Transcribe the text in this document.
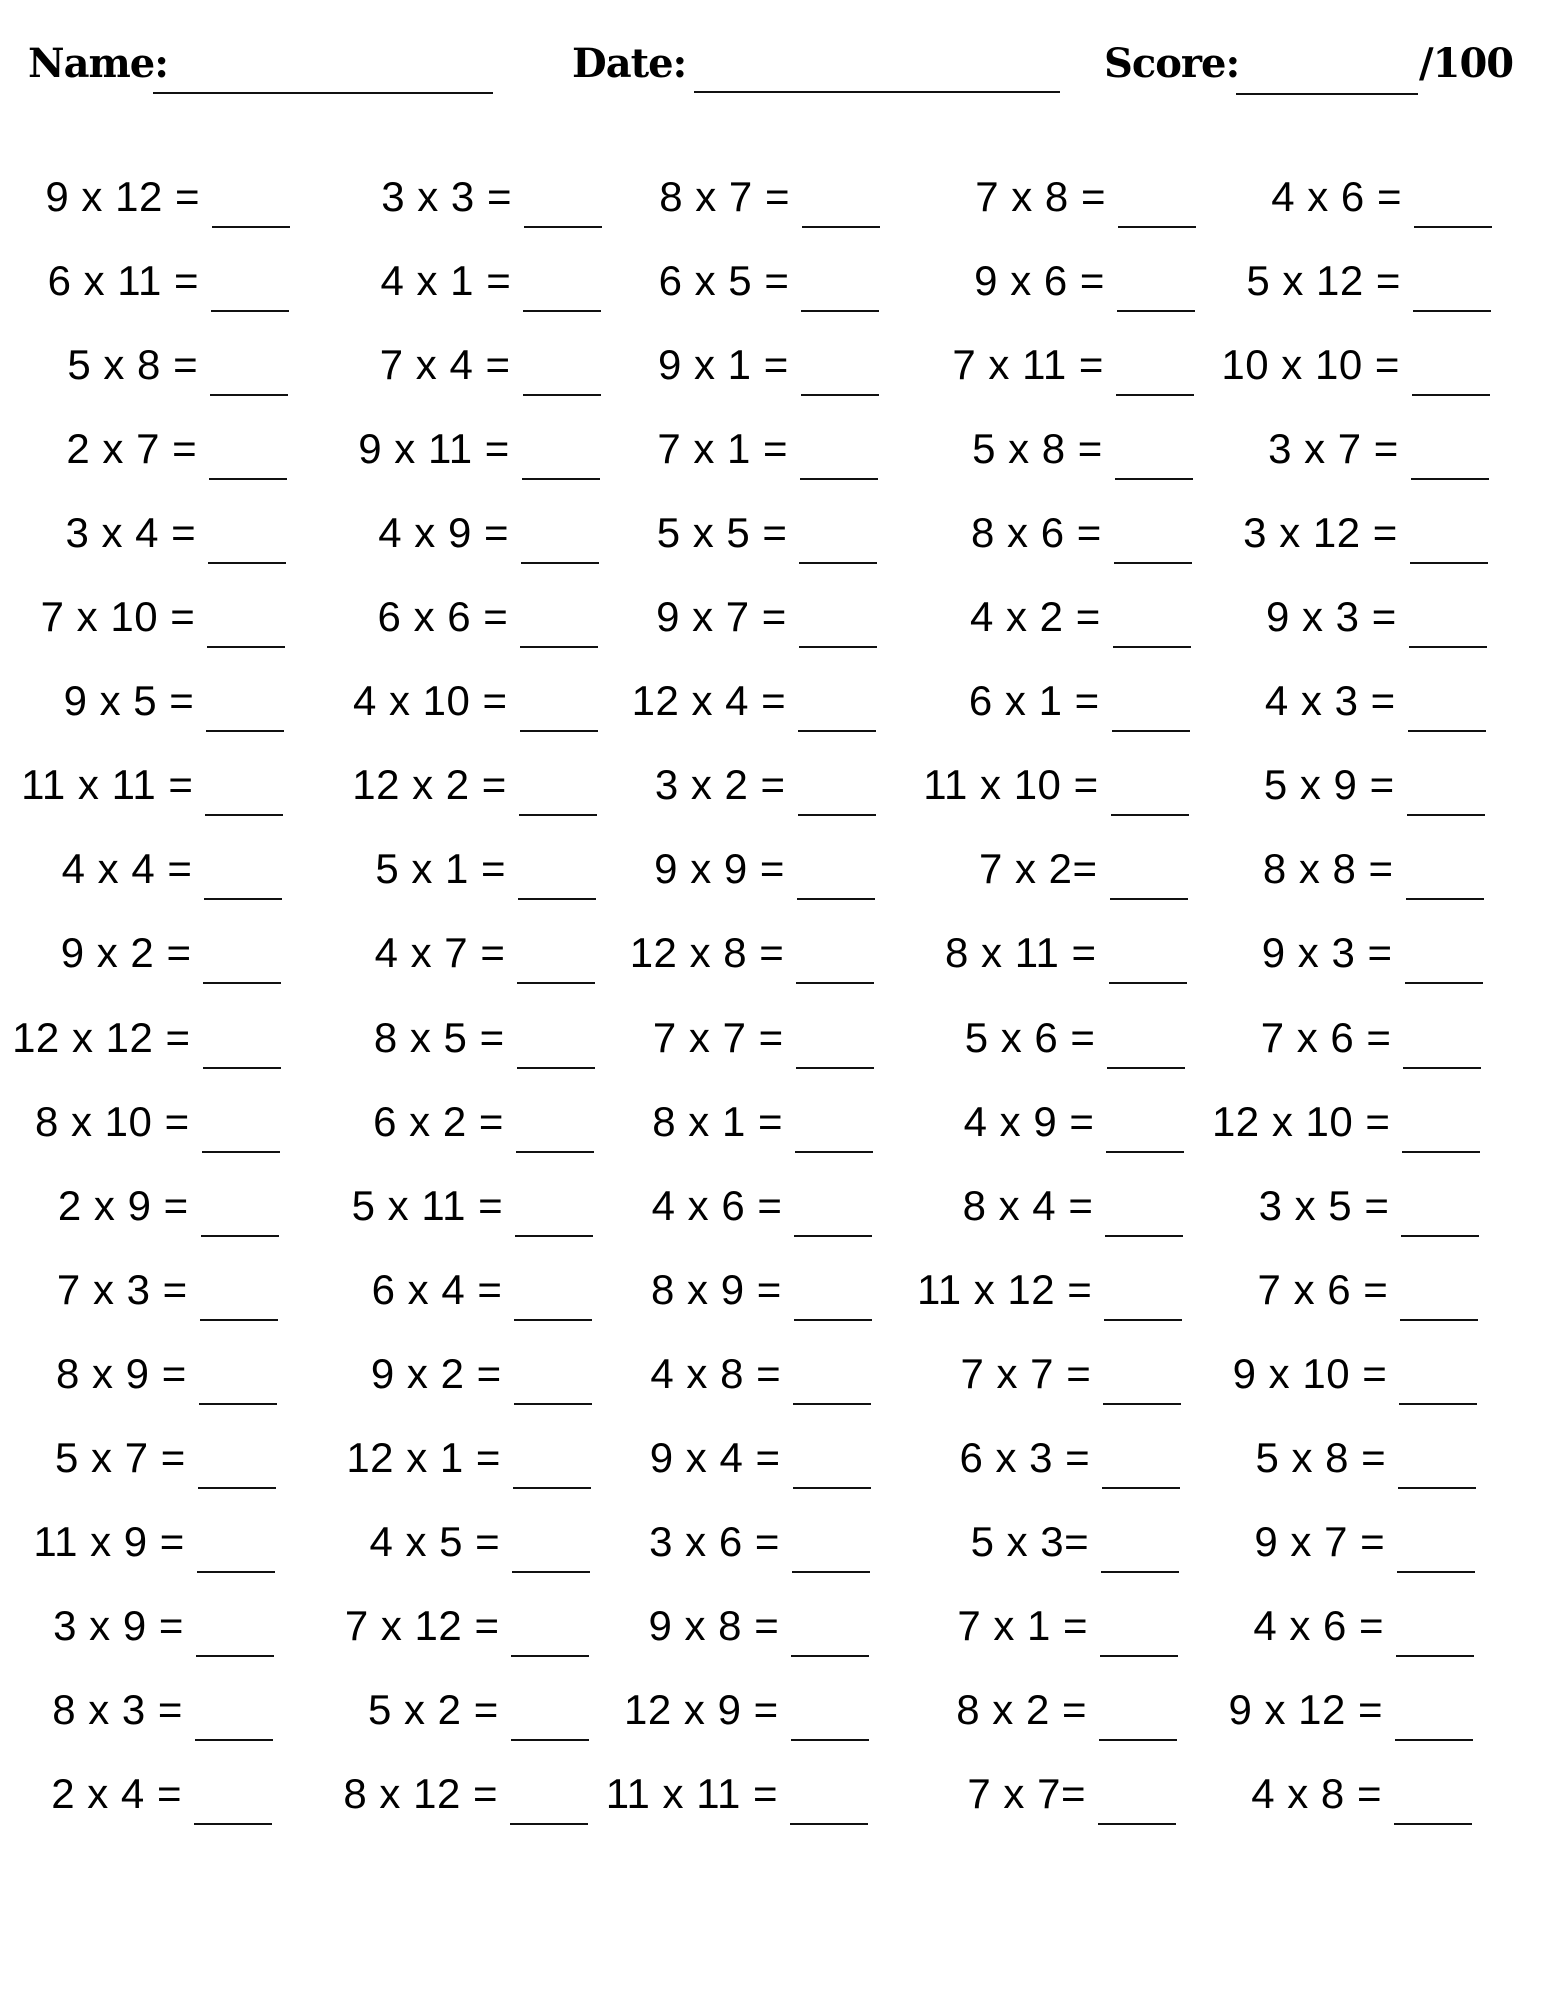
Name:	Date:	Score:	/100
9 x 12 =	3 x 3 =	8 x 7 =	7 x 8 =	4 x 6 =
6 x 11 =	4 x 1 =	6 x 5 =	9 x 6 =	5 x 12 =
5 x 8 =	7 x 4 =	9 x 1 =	7 x 11 =	10 x 10 =
2 x 7 =	9 x 11 =	7 x 1 =	5 x 8 =	3 x 7 =
3 x 4 =	4 x 9 =	5 x 5 =	8 x 6 =	3 x 12 =
7 x 10 =	6 x 6 =	9 x 7 =	4 x 2 =	9 x 3 =
9 x 5 =	4 x 10 =	12 x 4 =	6 x 1 =	4 x 3 =
11 x 11 =	12 x 2 =	3 x 2 =	11 x 10 =	5 x 9 =
4 x 4 =	5 x 1 =	9 x 9 =	7 x 2=	8 x 8 =
9 x 2 =	4 x 7 =	12 x 8 =	8 x 11 =	9 x 3 =
12 x 12 =	8 x 5 =	7 x 7 =	5 x 6 =	7 x 6 =
8 x 10 =	6 x 2 =	8 x 1 =	4 x 9 =	12 x 10 =
2 x 9 =	5 x 11 =	4 x 6 =	8 x 4 =	3 x 5 =
7 x 3 =	6 x 4 =	8 x 9 =	11 x 12 =	7 x 6 =
8 x 9 =	9 x 2 =	4 x 8 =	7 x 7 =	9 x 10 =
5 x 7 =	12 x 1 =	9 x 4 =	6 x 3 =	5 x 8 =
11 x 9 =	4 x 5 =	3 x 6 =	5 x 3=	9 x 7 =
3 x 9 =	7 x 12 =	9 x 8 =	7 x 1 =	4 x 6 =
8 x 3 =	5 x 2 =	12 x 9 =	8 x 2 =	9 x 12 =
2 x 4 =	8 x 12 =	11 x 11 =	7 x 7=	4 x 8 =
